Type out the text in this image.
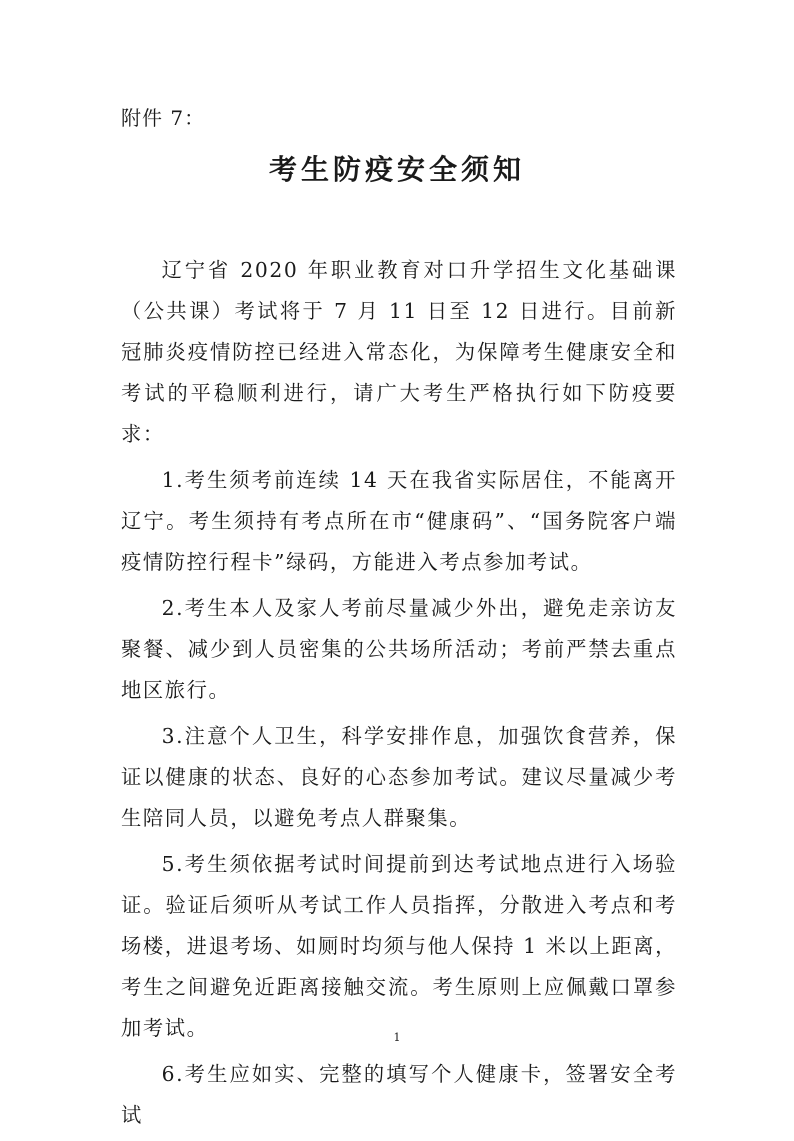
附件 7：
考生防疫安全须知

辽宁省 2020 年职业教育对口升学招生文化基础课（公共课）考试将于 7 月 11 日至 12 日进行。目前新冠肺炎疫情防控已经进入常态化，为保障考生健康安全和考试的平稳顺利进行，请广大考生严格执行如下防疫要求：

1.考生须考前连续 14 天在我省实际居住，不能离开辽宁。考生须持有考点所在市“健康码”、“国务院客户端疫情防控行程卡”绿码，方能进入考点参加考试。

2.考生本人及家人考前尽量减少外出，避免走亲访友聚餐、减少到人员密集的公共场所活动；考前严禁去重点地区旅行。

3.注意个人卫生，科学安排作息，加强饮食营养，保证以健康的状态、良好的心态参加考试。建议尽量减少考生陪同人员，以避免考点人群聚集。

5.考生须依据考试时间提前到达考试地点进行入场验证。验证后须听从考试工作人员指挥，分散进入考点和考场楼，进退考场、如厕时均须与他人保持 1 米以上距离，考生之间避免近距离接触交流。考生原则上应佩戴口罩参加考试。

6.考生应如实、完整的填写个人健康卡，签署安全考试

1
